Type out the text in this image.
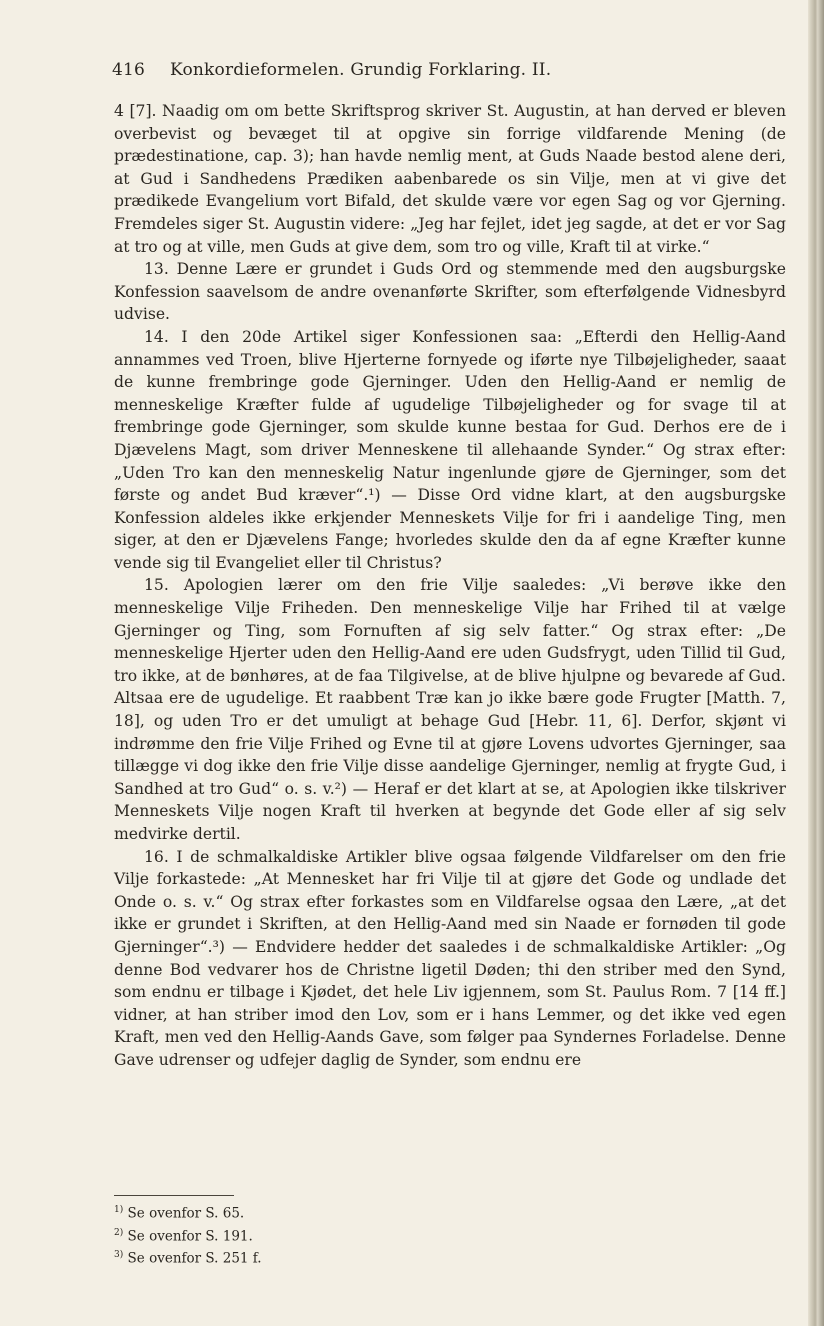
416 Konkordieformelen. Grundig Forklaring. II.

4 [7]. Naadig om om bette Skriftsprog skriver St. Augustin, at han derved er bleven overbevist og bevæget til at opgive sin forrige vildfarende Mening (de prædestinatione, cap. 3); han havde nemlig ment, at Guds Naade bestod alene deri, at Gud i Sandhedens Prædiken aabenbarede os sin Vilje, men at vi give det prædikede Evangelium vort Bifald, det skulde være vor egen Sag og vor Gjerning. Fremdeles siger St. Augustin videre: „Jeg har fejlet, idet jeg sagde, at det er vor Sag at tro og at ville, men Guds at give dem, som tro og ville, Kraft til at virke.“

13. Denne Lære er grundet i Guds Ord og stemmende med den augsburgske Konfession saavelsom de andre ovenanførte Skrifter, som efterfølgende Vidnesbyrd udvise.

14. I den 20de Artikel siger Konfessionen saa: „Efterdi den Hellig-Aand annammes ved Troen, blive Hjerterne fornyede og iførte nye Tilbøjeligheder, saaat de kunne frembringe gode Gjerninger. Uden den Hellig-Aand er nemlig de menneskelige Kræfter fulde af ugudelige Tilbøjeligheder og for svage til at frembringe gode Gjerninger, som skulde kunne bestaa for Gud. Derhos ere de i Djævelens Magt, som driver Menneskene til allehaande Synder.“ Og strax efter: „Uden Tro kan den menneskelig Natur ingenlunde gjøre de Gjerninger, som det første og andet Bud kræver“.¹) — Disse Ord vidne klart, at den augsburgske Konfession aldeles ikke erkjender Menneskets Vilje for fri i aandelige Ting, men siger, at den er Djævelens Fange; hvorledes skulde den da af egne Kræfter kunne vende sig til Evangeliet eller til Christus?

15. Apologien lærer om den frie Vilje saaledes: „Vi berøve ikke den menneskelige Vilje Friheden. Den menneskelige Vilje har Frihed til at vælge Gjerninger og Ting, som Fornuften af sig selv fatter.“ Og strax efter: „De menneskelige Hjerter uden den Hellig-Aand ere uden Gudsfrygt, uden Tillid til Gud, tro ikke, at de bønhøres, at de faa Tilgivelse, at de blive hjulpne og bevarede af Gud. Altsaa ere de ugudelige. Et raabbent Træ kan jo ikke bære gode Frugter [Matth. 7, 18], og uden Tro er det umuligt at behage Gud [Hebr. 11, 6]. Derfor, skjønt vi indrømme den frie Vilje Frihed og Evne til at gjøre Lovens udvortes Gjerninger, saa tillægge vi dog ikke den frie Vilje disse aandelige Gjerninger, nemlig at frygte Gud, i Sandhed at tro Gud“ o. s. v.²) — Heraf er det klart at se, at Apologien ikke tilskriver Menneskets Vilje nogen Kraft til hverken at begynde det Gode eller af sig selv medvirke dertil.

16. I de schmalkaldiske Artikler blive ogsaa følgende Vildfarelser om den frie Vilje forkastede: „At Mennesket har fri Vilje til at gjøre det Gode og undlade det Onde o. s. v.“ Og strax efter forkastes som en Vildfarelse ogsaa den Lære, „at det ikke er grundet i Skriften, at den Hellig-Aand med sin Naade er fornøden til gode Gjerninger“.³) — Endvidere hedder det saaledes i de schmalkaldiske Artikler: „Og denne Bod vedvarer hos de Christne ligetil Døden; thi den striber med den Synd, som endnu er tilbage i Kjødet, det hele Liv igjennem, som St. Paulus Rom. 7 [14 ff.] vidner, at han striber imod den Lov, som er i hans Lemmer, og det ikke ved egen Kraft, men ved den Hellig-Aands Gave, som følger paa Syndernes Forladelse. Denne Gave udrenser og udfejer daglig de Synder, som endnu ere

$^{1)}$ Se ovenfor S. 65.
$^{2)}$ Se ovenfor S. 191.
$^{3)}$ Se ovenfor S. 251 f.
